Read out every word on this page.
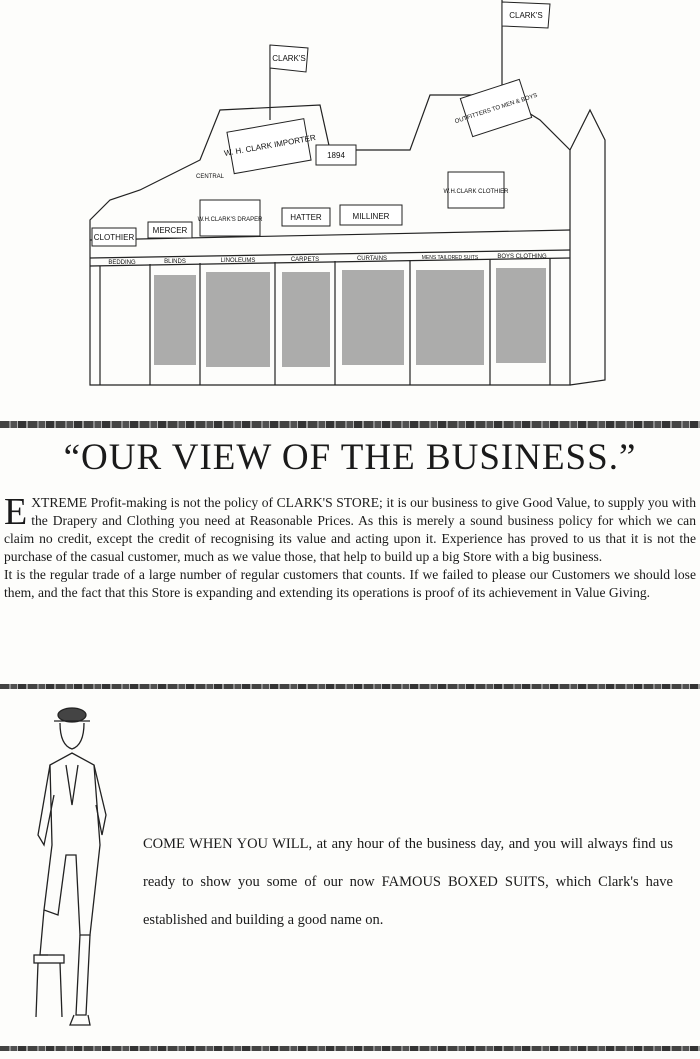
CLARK'S
CLARK'S
W. H. CLARK IMPORTER 1894
OUTFITTERS TO MEN & BOYS
W.H.CLARK'S DRAPER	HATTER	MILLINER
W.H.CLARK CLOTHIER
CLOTHIER
MERCER
CENTRAL
BEDDING	BLINDS	LINOLEUMS	CARPETS	CURTAINS	MENS TAILORED SUITS	BOYS CLOTHING
“OUR VIEW OF THE BUSINESS.”

EXTREME Profit-making is not the policy of CLARK'S STORE; it is our business to give Good Value, to supply you with the Drapery and Clothing you need at Reasonable Prices. As this is merely a sound business policy for which we can claim no credit, except the credit of recognising its value and acting upon it. Experience has proved to us that it is not the purchase of the casual customer, much as we value those, that help to build up a big Store with a big business.

It is the regular trade of a large number of regular customers that counts. If we failed to please our Customers we should lose them, and the fact that this Store is expanding and extending its operations is proof of its achievement in Value Giving.

COME WHEN YOU WILL, at any hour of the business day, and you will always find us ready to show you some of our now FAMOUS BOXED SUITS, which Clark's have established and building a good name on.
